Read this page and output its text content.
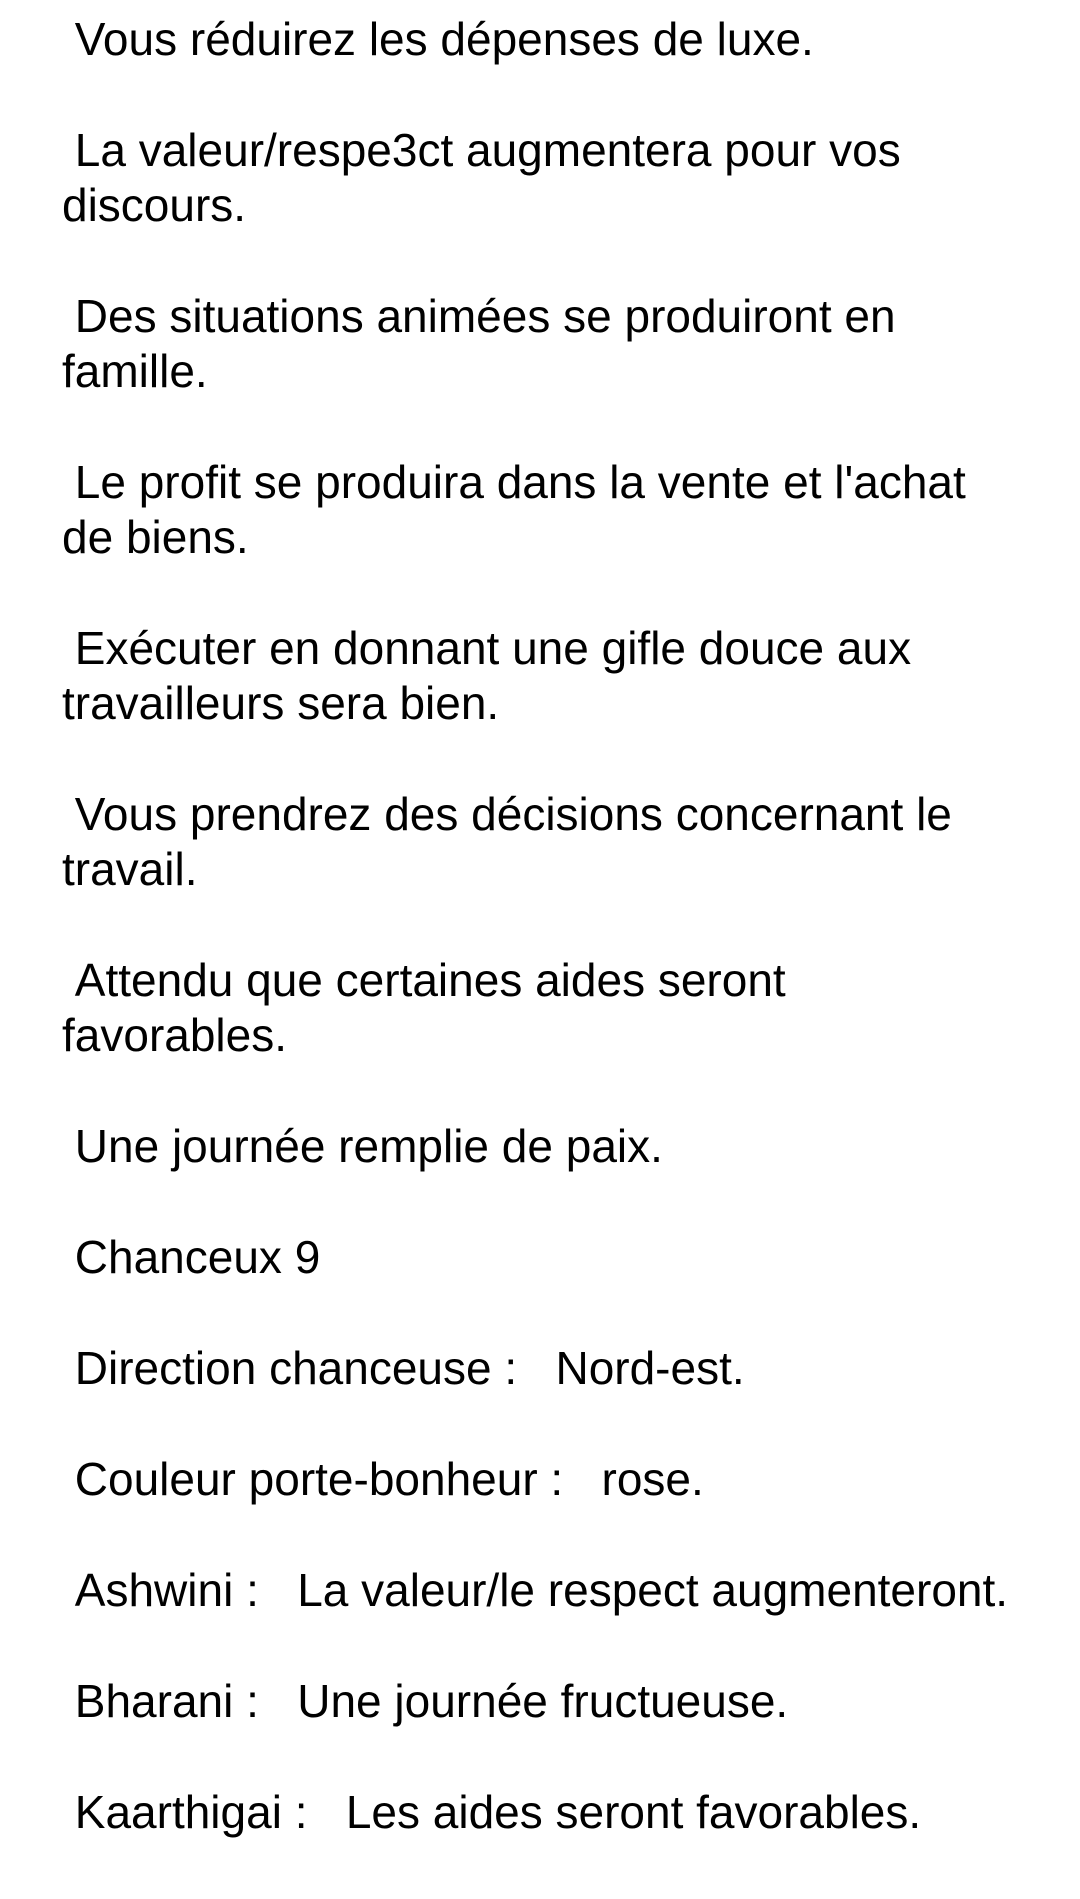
Vous réduirez les dépenses de luxe.

La valeur/respe3ct augmentera pour vos discours.

Des situations animées se produiront en famille.

Le profit se produira dans la vente et l'achat de biens.

Exécuter en donnant une gifle douce aux travailleurs sera bien.

Vous prendrez des décisions concernant le travail.

Attendu que certaines aides seront favorables.

Une journée remplie de paix.

Chanceux 9

Direction chanceuse :   Nord-est.

Couleur porte-bonheur :   rose.

Ashwini :   La valeur/le respect augmenteront.

Bharani :   Une journée fructueuse.

Kaarthigai :   Les aides seront favorables.
